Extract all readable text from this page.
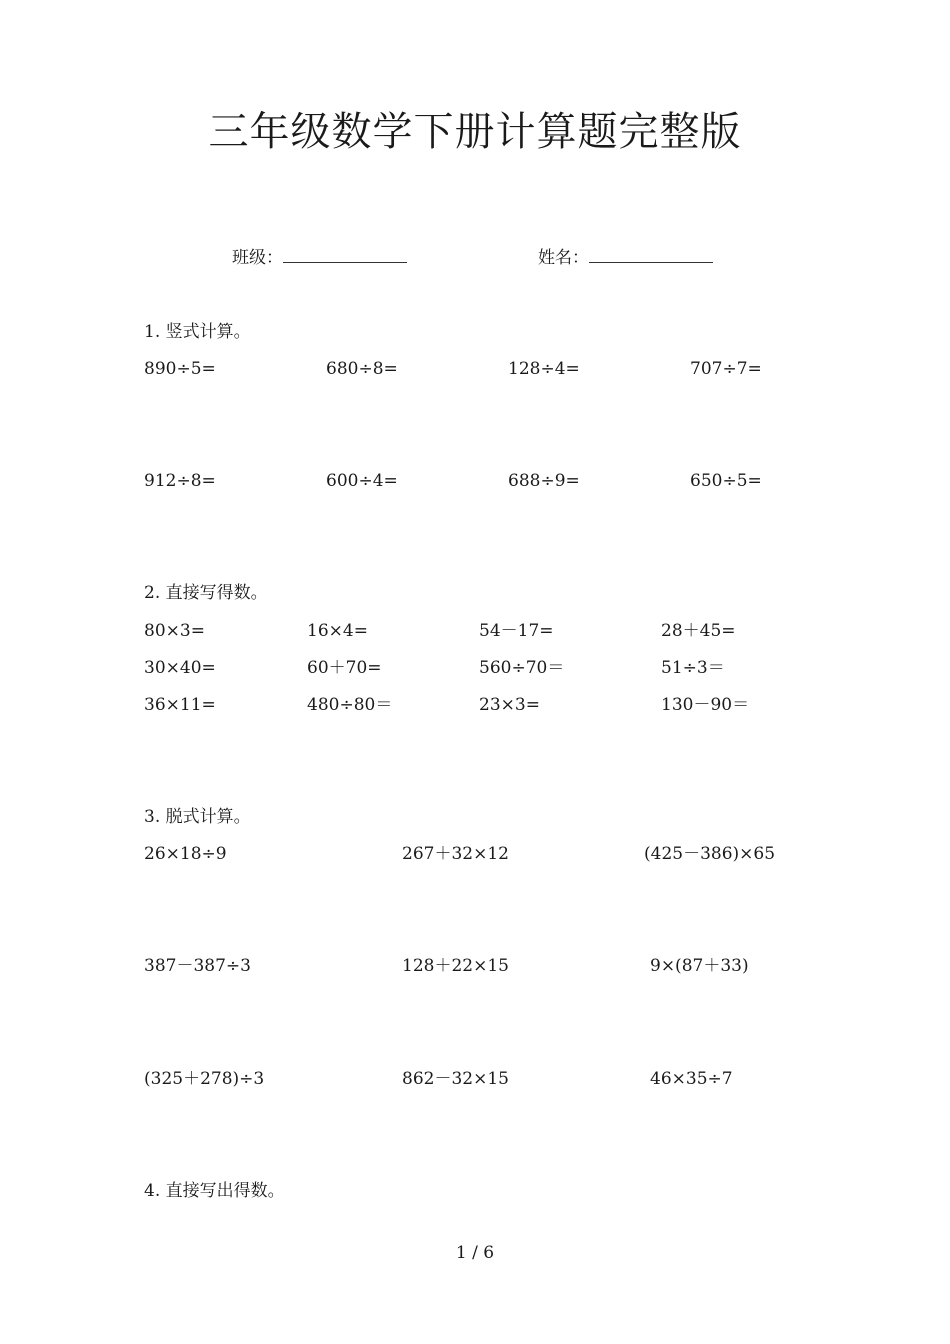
三年级数学下册计算题完整版
班级：	姓名：
1. 竖式计算。
890÷5=	680÷8=	128÷4=	707÷7=
912÷8=	600÷4=	688÷9=	650÷5=
2. 直接写得数。
80×3=	16×4=	54－17=	28＋45=
30×40=	60＋70=	560÷70＝	51÷3＝
36×11=	480÷80＝	23×3=	130－90＝
3. 脱式计算。
26×18÷9	267＋32×12	(425－386)×65
387－387÷3	128＋22×15	9×(87＋33)
(325＋278)÷3	862－32×15	46×35÷7
4. 直接写出得数。
1 / 6
